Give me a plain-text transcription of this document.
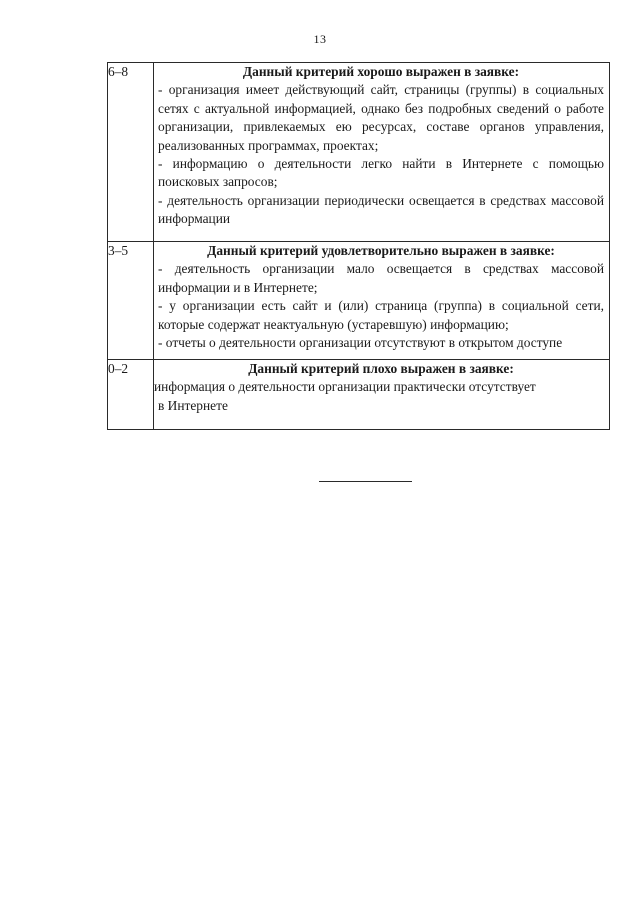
13
6–8	Данный критерий хорошо выражен в заявке:
- организация имеет действующий сайт, страницы (группы) в социальных сетях с актуальной информацией, однако без подробных сведений о работе организации, привлекаемых ею ресурсах, составе органов управления, реализованных программах, проектах;
- информацию о деятельности легко найти в Интернете с помощью поисковых запросов;
- деятельность организации периодически освещается в средствах массовой информации

3–5	Данный критерий удовлетворительно выражен в заявке:
- деятельность организации мало освещается в средствах массовой информации и в Интернете;
- у организации есть сайт и (или) страница (группа) в социальной сети, которые содержат неактуальную (устаревшую) информацию;
- отчеты о деятельности организации отсутствуют в открытом доступе

0–2	Данный критерий плохо выражен в заявке:
информация о деятельности организации практически отсутствует
в Интернете
